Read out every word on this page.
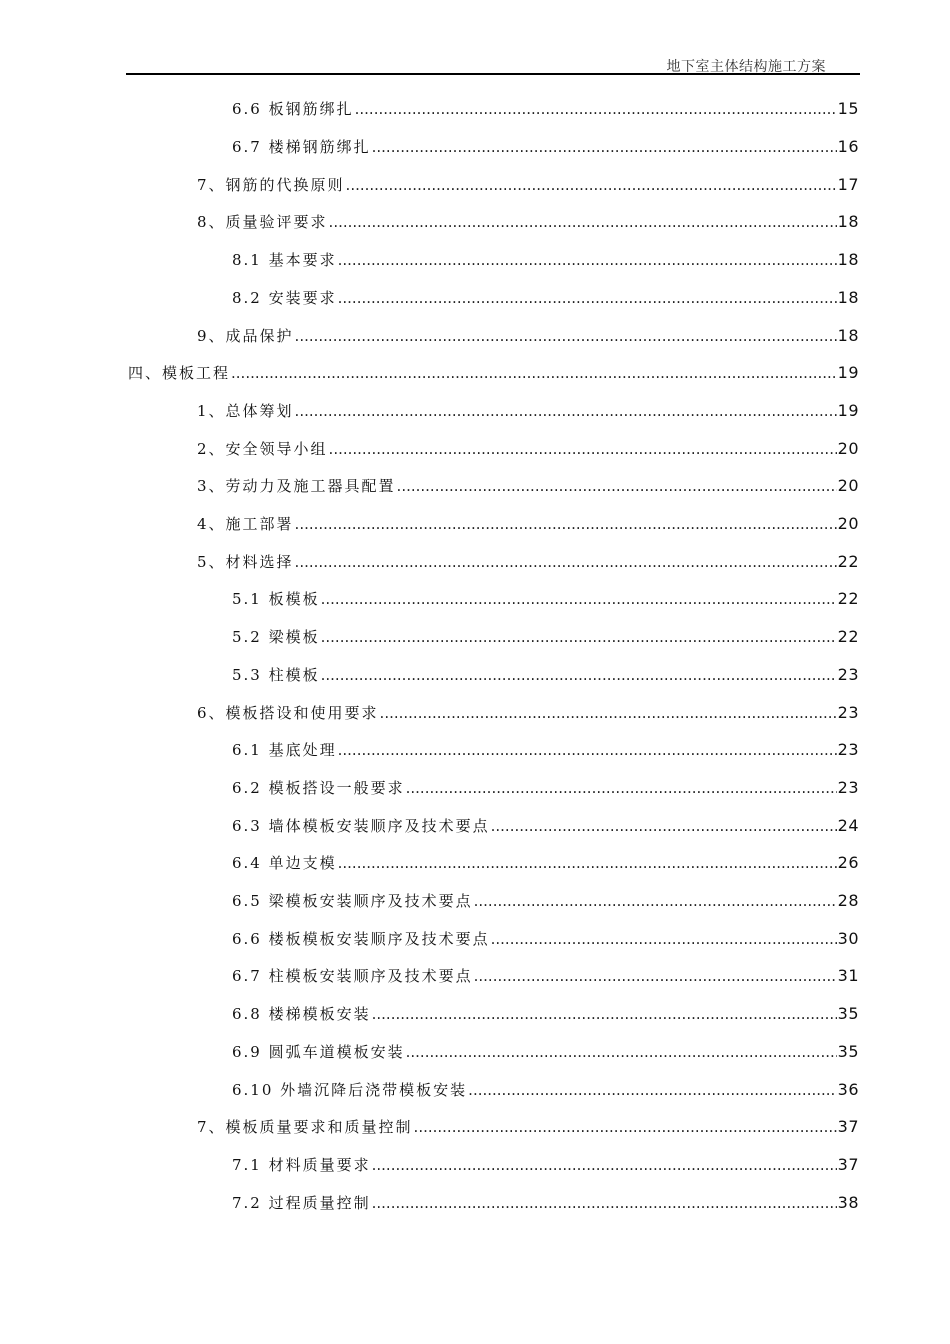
地下室主体结构施工方案
6.6 板钢筋绑扎 .....	15
6.7 楼梯钢筋绑扎 .....	16
7、钢筋的代换原则 .....	17
8、质量验评要求 .....	18
8.1 基本要求 .....	18
8.2 安装要求 .....	18
9、成品保护 .....	18
四、模板工程 .....	19
1、总体筹划 .....	19
2、安全领导小组 .....	20
3、劳动力及施工器具配置 .....	20
4、施工部署 .....	20
5、材料选择 .....	22
5.1 板模板 .....	22
5.2 梁模板 .....	22
5.3 柱模板 .....	23
6、模板搭设和使用要求 .....	23
6.1 基底处理 .....	23
6.2 模板搭设一般要求 .....	23
6.3 墙体模板安装顺序及技术要点 .....	24
6.4 单边支模 .....	26
6.5 梁模板安装顺序及技术要点 .....	28
6.6 楼板模板安装顺序及技术要点 .....	30
6.7 柱模板安装顺序及技术要点 .....	31
6.8 楼梯模板安装 .....	35
6.9 圆弧车道模板安装 .....	35
6.10 外墙沉降后浇带模板安装 .....	36
7、模板质量要求和质量控制 .....	37
7.1 材料质量要求 .....	37
7.2 过程质量控制 .....	38
